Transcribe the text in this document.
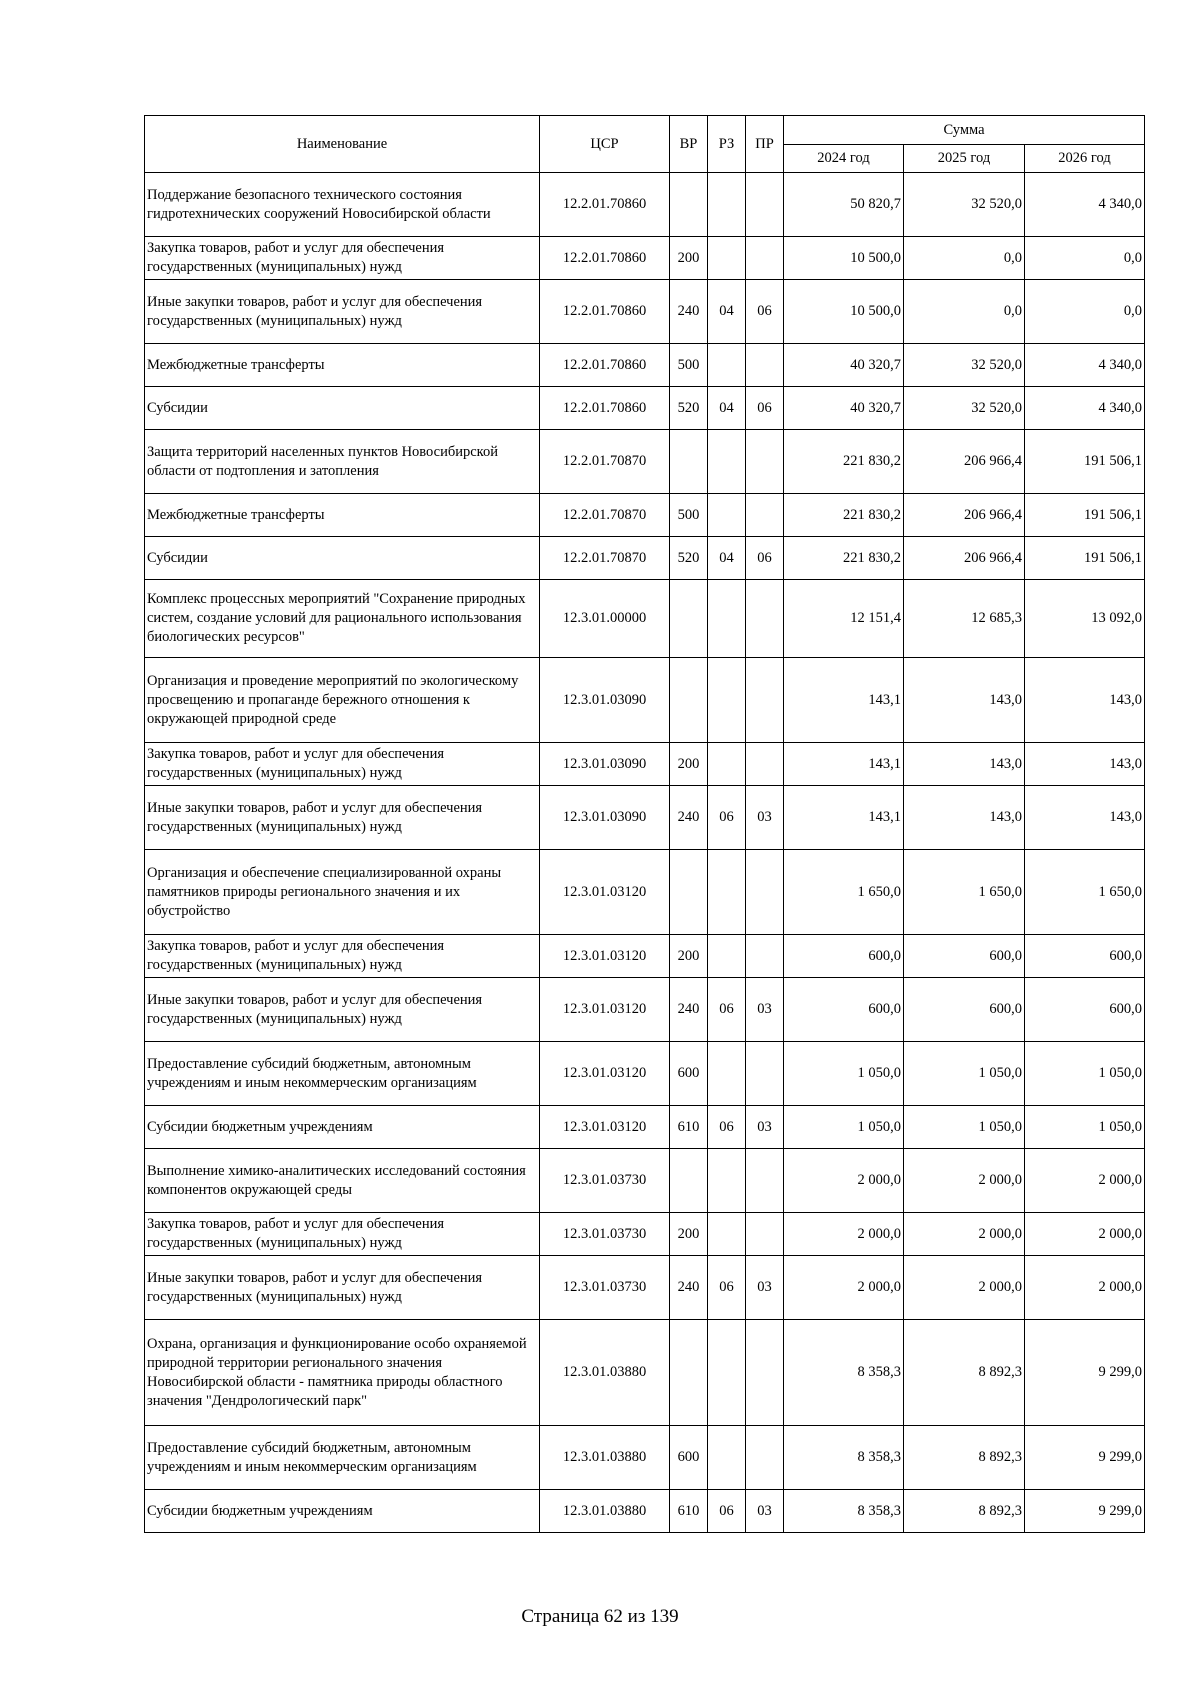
Наименование	ЦСР	ВР	РЗ	ПР	Сумма		
					2024 год	2025 год	2026 год
Поддержание безопасного технического состояния гидротехнических сооружений Новосибирской области	12.2.01.70860				50 820,7	32 520,0	4 340,0
Закупка товаров, работ и услуг для обеспечения государственных (муниципальных) нужд	12.2.01.70860	200			10 500,0	0,0	0,0
Иные закупки товаров, работ и услуг для обеспечения государственных (муниципальных) нужд	12.2.01.70860	240	04	06	10 500,0	0,0	0,0
Межбюджетные трансферты	12.2.01.70860	500			40 320,7	32 520,0	4 340,0
Субсидии	12.2.01.70860	520	04	06	40 320,7	32 520,0	4 340,0
Защита территорий населенных пунктов Новосибирской области от подтопления и затопления	12.2.01.70870				221 830,2	206 966,4	191 506,1
Межбюджетные трансферты	12.2.01.70870	500			221 830,2	206 966,4	191 506,1
Субсидии	12.2.01.70870	520	04	06	221 830,2	206 966,4	191 506,1
Комплекс процессных мероприятий "Сохранение природных систем, создание условий для рационального использования биологических ресурсов"	12.3.01.00000				12 151,4	12 685,3	13 092,0
Организация и проведение мероприятий по экологическому просвещению и пропаганде бережного отношения к окружающей природной среде	12.3.01.03090				143,1	143,0	143,0
Закупка товаров, работ и услуг для обеспечения государственных (муниципальных) нужд	12.3.01.03090	200			143,1	143,0	143,0
Иные закупки товаров, работ и услуг для обеспечения государственных (муниципальных) нужд	12.3.01.03090	240	06	03	143,1	143,0	143,0
Организация и обеспечение специализированной охраны памятников природы регионального значения и их обустройство	12.3.01.03120				1 650,0	1 650,0	1 650,0
Закупка товаров, работ и услуг для обеспечения государственных (муниципальных) нужд	12.3.01.03120	200			600,0	600,0	600,0
Иные закупки товаров, работ и услуг для обеспечения государственных (муниципальных) нужд	12.3.01.03120	240	06	03	600,0	600,0	600,0
Предоставление субсидий бюджетным, автономным учреждениям и иным некоммерческим организациям	12.3.01.03120	600			1 050,0	1 050,0	1 050,0
Субсидии бюджетным учреждениям	12.3.01.03120	610	06	03	1 050,0	1 050,0	1 050,0
Выполнение химико-аналитических исследований состояния компонентов окружающей среды	12.3.01.03730				2 000,0	2 000,0	2 000,0
Закупка товаров, работ и услуг для обеспечения государственных (муниципальных) нужд	12.3.01.03730	200			2 000,0	2 000,0	2 000,0
Иные закупки товаров, работ и услуг для обеспечения государственных (муниципальных) нужд	12.3.01.03730	240	06	03	2 000,0	2 000,0	2 000,0
Охрана, организация и функционирование особо охраняемой природной территории регионального значения Новосибирской области - памятника природы областного значения "Дендрологический парк"	12.3.01.03880				8 358,3	8 892,3	9 299,0
Предоставление субсидий бюджетным, автономным учреждениям и иным некоммерческим организациям	12.3.01.03880	600			8 358,3	8 892,3	9 299,0
Субсидии бюджетным учреждениям	12.3.01.03880	610	06	03	8 358,3	8 892,3	9 299,0
Страница 62 из 139
